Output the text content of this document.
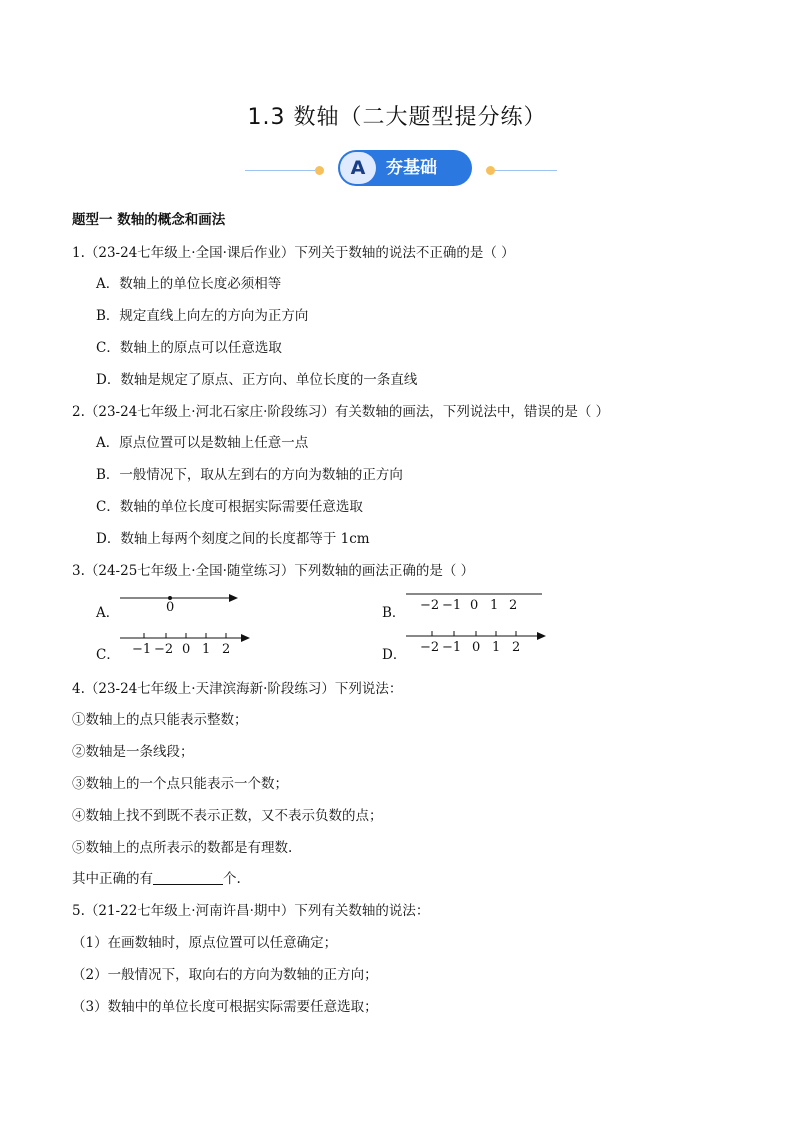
1.3 数轴（二大题型提分练）
A	夯基础
题型一 数轴的概念和画法
1.（23-24七年级上·全国·课后作业）下列关于数轴的说法不正确的是（ ）
A．数轴上的单位长度必须相等
B．规定直线上向左的方向为正方向
C．数轴上的原点可以任意选取
D．数轴是规定了原点、正方向、单位长度的一条直线
2.（23-24七年级上·河北石家庄·阶段练习）有关数轴的画法，下列说法中，错误的是（ ）
A．原点位置可以是数轴上任意一点
B．一般情况下，取从左到右的方向为数轴的正方向
C．数轴的单位长度可根据实际需要任意选取
D．数轴上每两个刻度之间的长度都等于 1cm
3.（24-25七年级上·全国·随堂练习）下列数轴的画法正确的是（ ）
A．	0	B． −2 −1 0 1 2
C． −1 −2 0 1 2	D． −2 −1 0 1 2
4.（23-24七年级上·天津滨海新·阶段练习）下列说法：
①数轴上的点只能表示整数；
②数轴是一条线段；
③数轴上的一个点只能表示一个数；
④数轴上找不到既不表示正数，又不表示负数的点；
⑤数轴上的点所表示的数都是有理数.
其中正确的有	个.
5.（21-22七年级上·河南许昌·期中）下列有关数轴的说法：
（1）在画数轴时，原点位置可以任意确定；
（2）一般情况下，取向右的方向为数轴的正方向；
（3）数轴中的单位长度可根据实际需要任意选取；
